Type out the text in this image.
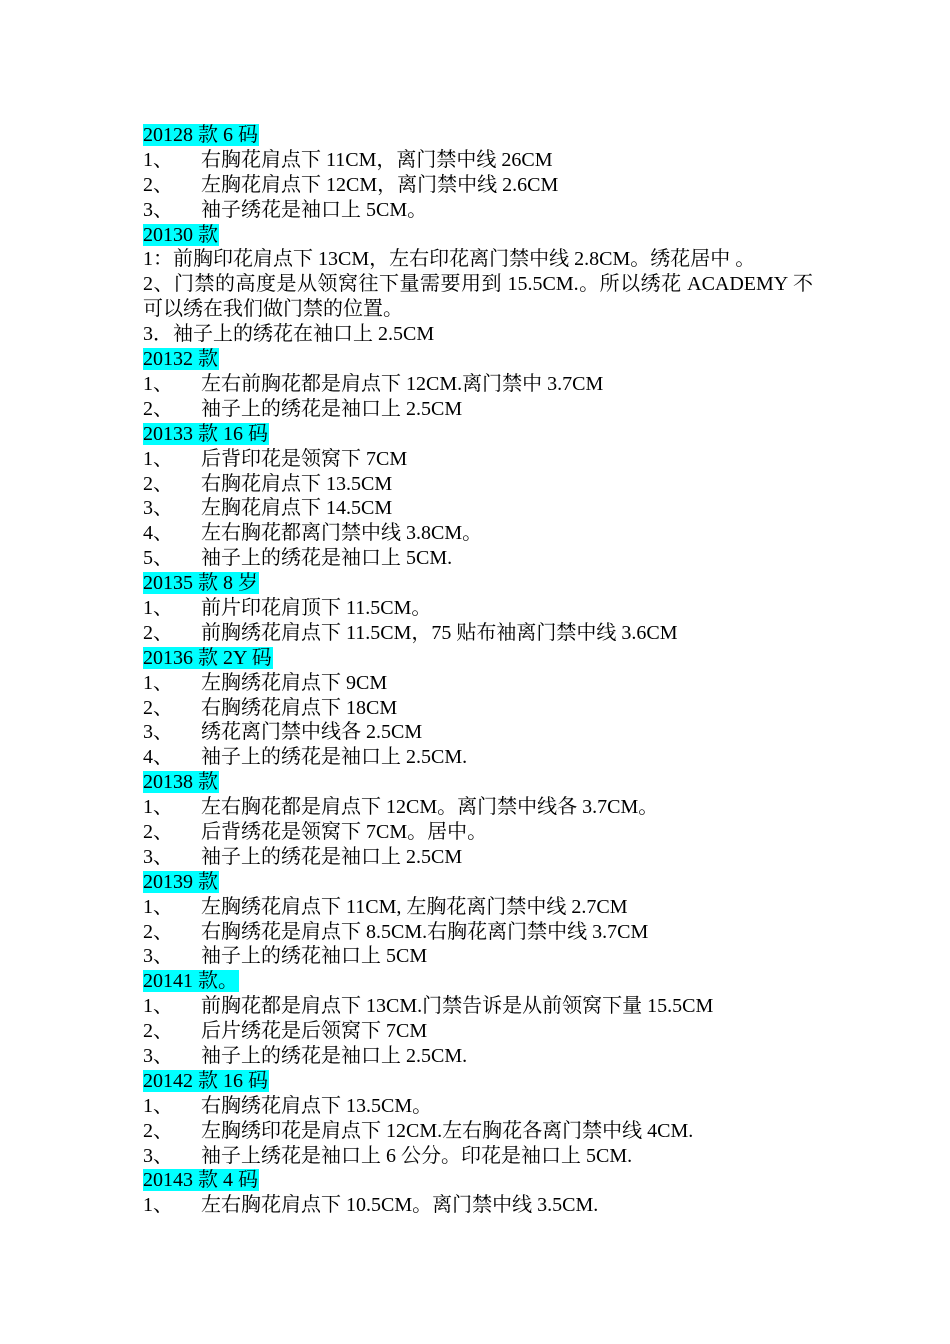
20128 款 6 码
1、 右胸花肩点下 11CM，离门禁中线 26CM
2、 左胸花肩点下 12CM，离门禁中线 2.6CM
3、 袖子绣花是袖口上 5CM。
20130 款
1：前胸印花肩点下 13CM，左右印花离门禁中线 2.8CM。绣花居中 。
2、门禁的高度是从领窝往下量需要用到 15.5CM.。所以绣花 ACADEMY 不可以绣在我们做门禁的位置。
3．袖子上的绣花在袖口上 2.5CM
20132 款
1、 左右前胸花都是肩点下 12CM.离门禁中 3.7CM
2、 袖子上的绣花是袖口上 2.5CM
20133 款 16 码
1、 后背印花是领窝下 7CM
2、 右胸花肩点下 13.5CM
3、 左胸花肩点下 14.5CM
4、 左右胸花都离门禁中线 3.8CM。
5、 袖子上的绣花是袖口上 5CM.
20135 款 8 岁
1、 前片印花肩顶下 11.5CM。
2、 前胸绣花肩点下 11.5CM，75 贴布袖离门禁中线 3.6CM
20136 款 2Y 码
1、 左胸绣花肩点下 9CM
2、 右胸绣花肩点下 18CM
3、 绣花离门禁中线各 2.5CM
4、 袖子上的绣花是袖口上 2.5CM.
20138 款
1、 左右胸花都是肩点下 12CM。离门禁中线各 3.7CM。
2、 后背绣花是领窝下 7CM。居中。
3、 袖子上的绣花是袖口上 2.5CM
20139 款
1、 左胸绣花肩点下 11CM, 左胸花离门禁中线 2.7CM
2、 右胸绣花是肩点下 8.5CM.右胸花离门禁中线 3.7CM
3、 袖子上的绣花袖口上 5CM
20141 款。
1、 前胸花都是肩点下 13CM.门禁告诉是从前领窝下量 15.5CM
2、 后片绣花是后领窝下 7CM
3、 袖子上的绣花是袖口上 2.5CM.
20142 款 16 码
1、 右胸绣花肩点下 13.5CM。
2、 左胸绣印花是肩点下 12CM.左右胸花各离门禁中线 4CM.
3、 袖子上绣花是袖口上 6 公分。印花是袖口上 5CM.
20143 款 4 码
1、 左右胸花肩点下 10.5CM。离门禁中线 3.5CM.
